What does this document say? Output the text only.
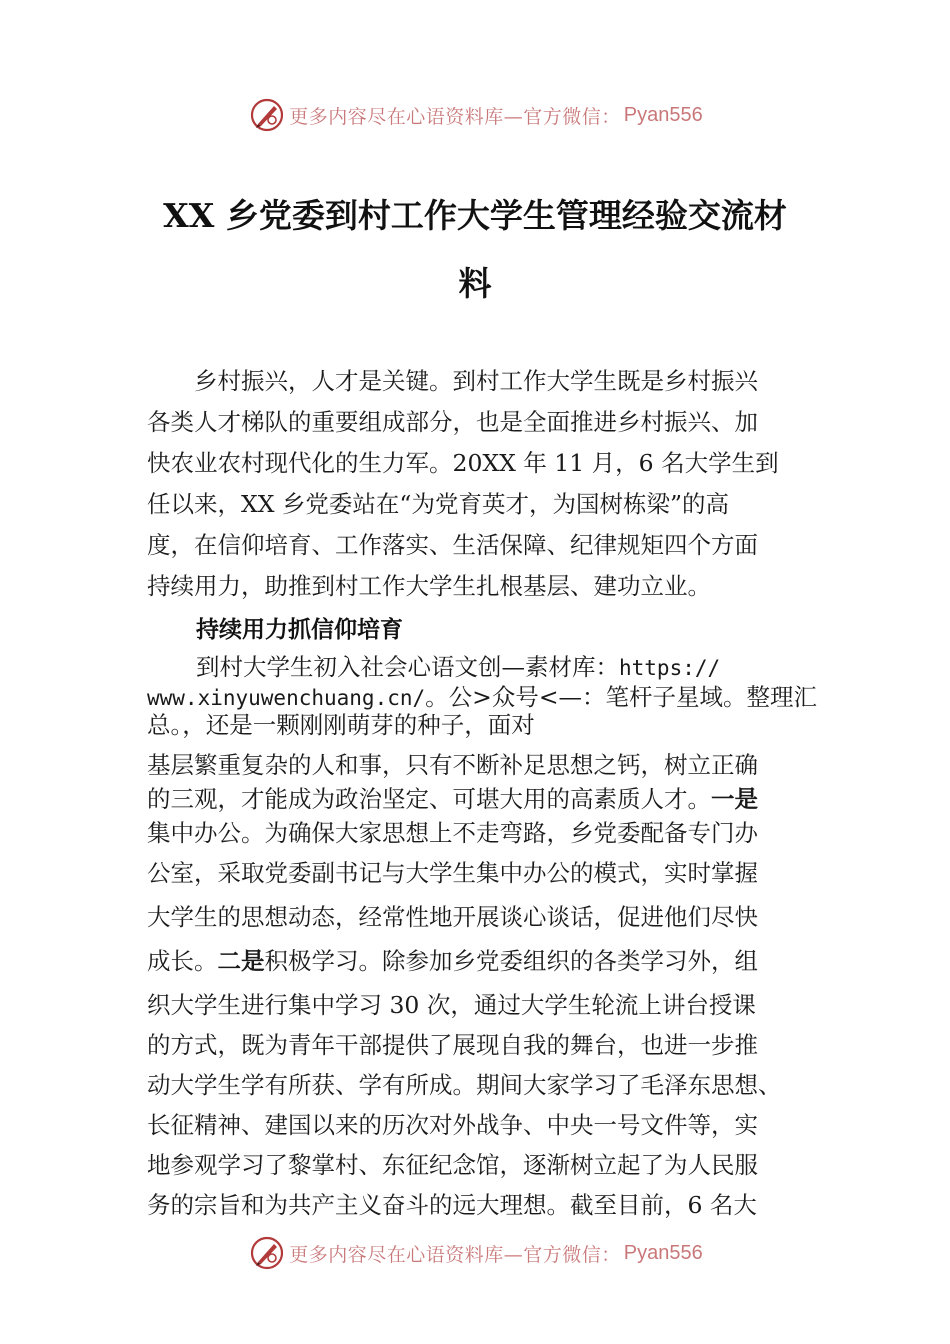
更多内容尽在心语资料库—官方微信： Pyan556
XX 乡党委到村工作大学生管理经验交流材
料
　　乡村振兴，人才是关键。到村工作大学生既是乡村振兴
各类人才梯队的重要组成部分，也是全面推进乡村振兴、加
快农业农村现代化的生力军。20XX 年 11 月，6 名大学生到
任以来，XX 乡党委站在“为党育英才，为国树栋梁”的高
度，在信仰培育、工作落实、生活保障、纪律规矩四个方面
持续用力，助推到村工作大学生扎根基层、建功立业。
持续用力抓信仰培育
到村大学生初入社会心语文创—素材库：https://
www.xinyuwenchuang.cn/。公>众号<—：笔杆子星域。整理汇
总。，还是一颗刚刚萌芽的种子，面对
基层繁重复杂的人和事，只有不断补足思想之钙，树立正确
的三观，才能成为政治坚定、可堪大用的高素质人才。一是
集中办公。为确保大家思想上不走弯路，乡党委配备专门办
公室，采取党委副书记与大学生集中办公的模式，实时掌握
大学生的思想动态，经常性地开展谈心谈话，促进他们尽快
成长。二是积极学习。除参加乡党委组织的各类学习外，组
织大学生进行集中学习 30 次，通过大学生轮流上讲台授课
的方式，既为青年干部提供了展现自我的舞台，也进一步推
动大学生学有所获、学有所成。期间大家学习了毛泽东思想、
长征精神、建国以来的历次对外战争、中央一号文件等，实
地参观学习了黎掌村、东征纪念馆，逐渐树立起了为人民服
务的宗旨和为共产主义奋斗的远大理想。截至目前，6 名大
更多内容尽在心语资料库—官方微信： Pyan556
